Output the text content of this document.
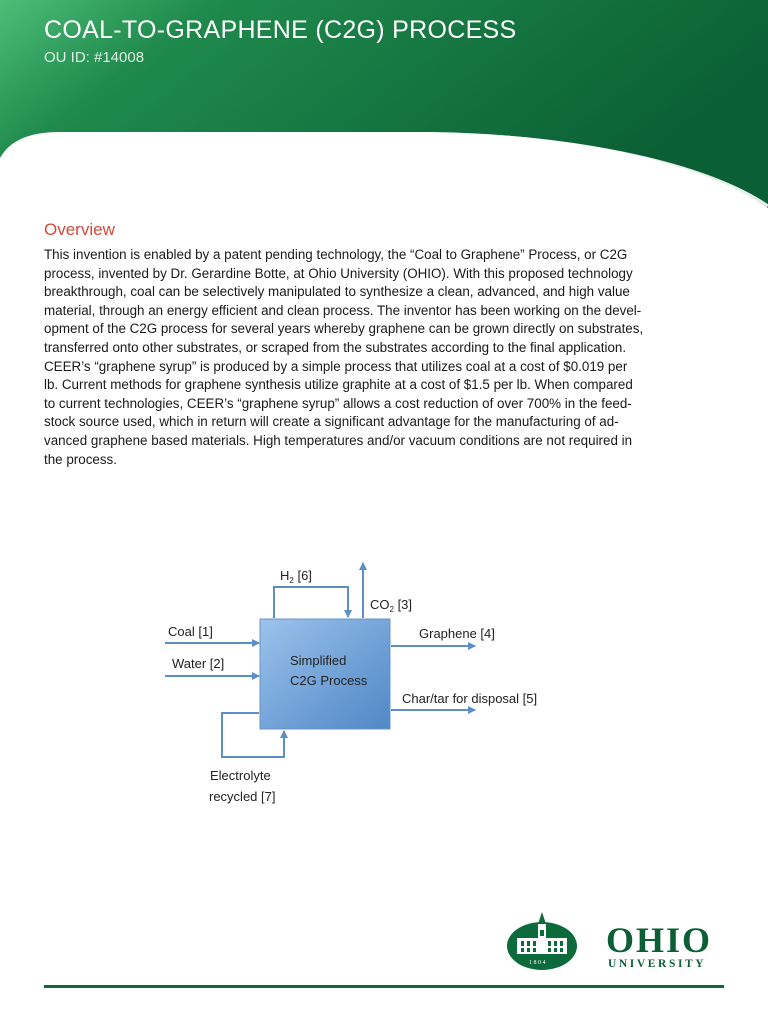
COAL-TO-GRAPHENE (C2G) PROCESS

OU ID: #14008

Overview

This invention is enabled by a patent pending technology, the “Coal to Graphene” Process, or C2G
process, invented by Dr. Gerardine Botte, at Ohio University (OHIO). With this proposed technology
breakthrough, coal can be selectively manipulated to synthesize a clean, advanced, and high value
material, through an energy efficient and clean process. The inventor has been working on the devel-
opment of the C2G process for several years whereby graphene can be grown directly on substrates,
transferred onto other substrates, or scraped from the substrates according to the final application.
CEER’s “graphene syrup” is produced by a simple process that utilizes coal at a cost of $0.019 per
lb. Current methods for graphene synthesis utilize graphite at a cost of $1.5 per lb. When compared
to current technologies, CEER’s “graphene syrup” allows a cost reduction of over 700% in the feed-
stock source used, which in return will create a significant advantage for the manufacturing of ad-
vanced graphene based materials. High temperatures and/or vacuum conditions are not required in
the process.

Simplified
C2G Process
Coal [1]
Water [2]
$H_2$ [6]
$CO_2$ [3]
Graphene [4]
Char/tar for disposal [5]
Electrolyte
recycled [7]
1 8 0 4

OHIO

UNIVERSITY
